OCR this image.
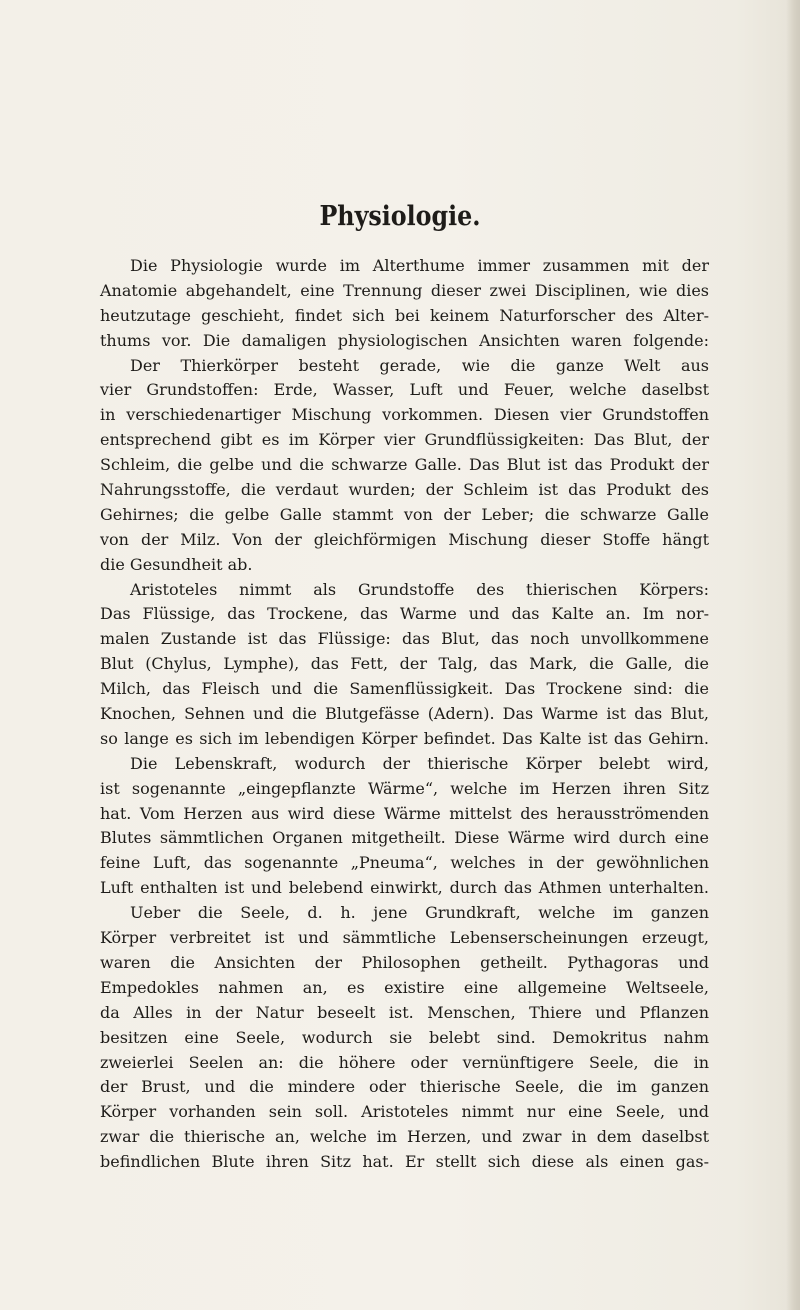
Physiologie.
Die Physiologie wurde im Alterthume immer zusammen mit der
Anatomie abgehandelt, eine Trennung dieser zwei Disciplinen, wie dies
heutzutage geschieht, findet sich bei keinem Naturforscher des Alter-
thums vor. Die damaligen physiologischen Ansichten waren folgende:
Der Thierkörper besteht gerade, wie die ganze Welt aus
vier Grundstoffen: Erde, Wasser, Luft und Feuer, welche daselbst
in verschiedenartiger Mischung vorkommen. Diesen vier Grundstoffen
entsprechend gibt es im Körper vier Grundflüssigkeiten: Das Blut, der
Schleim, die gelbe und die schwarze Galle. Das Blut ist das Produkt der
Nahrungsstoffe, die verdaut wurden; der Schleim ist das Produkt des
Gehirnes; die gelbe Galle stammt von der Leber; die schwarze Galle
von der Milz. Von der gleichförmigen Mischung dieser Stoffe hängt
die Gesundheit ab.
Aristoteles nimmt als Grundstoffe des thierischen Körpers:
Das Flüssige, das Trockene, das Warme und das Kalte an. Im nor-
malen Zustande ist das Flüssige: das Blut, das noch unvollkommene
Blut (Chylus, Lymphe), das Fett, der Talg, das Mark, die Galle, die
Milch, das Fleisch und die Samenflüssigkeit. Das Trockene sind: die
Knochen, Sehnen und die Blutgefässe (Adern). Das Warme ist das Blut,
so lange es sich im lebendigen Körper befindet. Das Kalte ist das Gehirn.
Die Lebenskraft, wodurch der thierische Körper belebt wird,
ist sogenannte „eingepflanzte Wärme“, welche im Herzen ihren Sitz
hat. Vom Herzen aus wird diese Wärme mittelst des herausströmenden
Blutes sämmtlichen Organen mitgetheilt. Diese Wärme wird durch eine
feine Luft, das sogenannte „Pneuma“, welches in der gewöhnlichen
Luft enthalten ist und belebend einwirkt, durch das Athmen unterhalten.
Ueber die Seele, d. h. jene Grundkraft, welche im ganzen
Körper verbreitet ist und sämmtliche Lebenserscheinungen erzeugt,
waren die Ansichten der Philosophen getheilt. Pythagoras und
Empedokles nahmen an, es existire eine allgemeine Weltseele,
da Alles in der Natur beseelt ist. Menschen, Thiere und Pflanzen
besitzen eine Seele, wodurch sie belebt sind. Demokritus nahm
zweierlei Seelen an: die höhere oder vernünftigere Seele, die in
der Brust, und die mindere oder thierische Seele, die im ganzen
Körper vorhanden sein soll. Aristoteles nimmt nur eine Seele, und
zwar die thierische an, welche im Herzen, und zwar in dem daselbst
befindlichen Blute ihren Sitz hat. Er stellt sich diese als einen gas-
